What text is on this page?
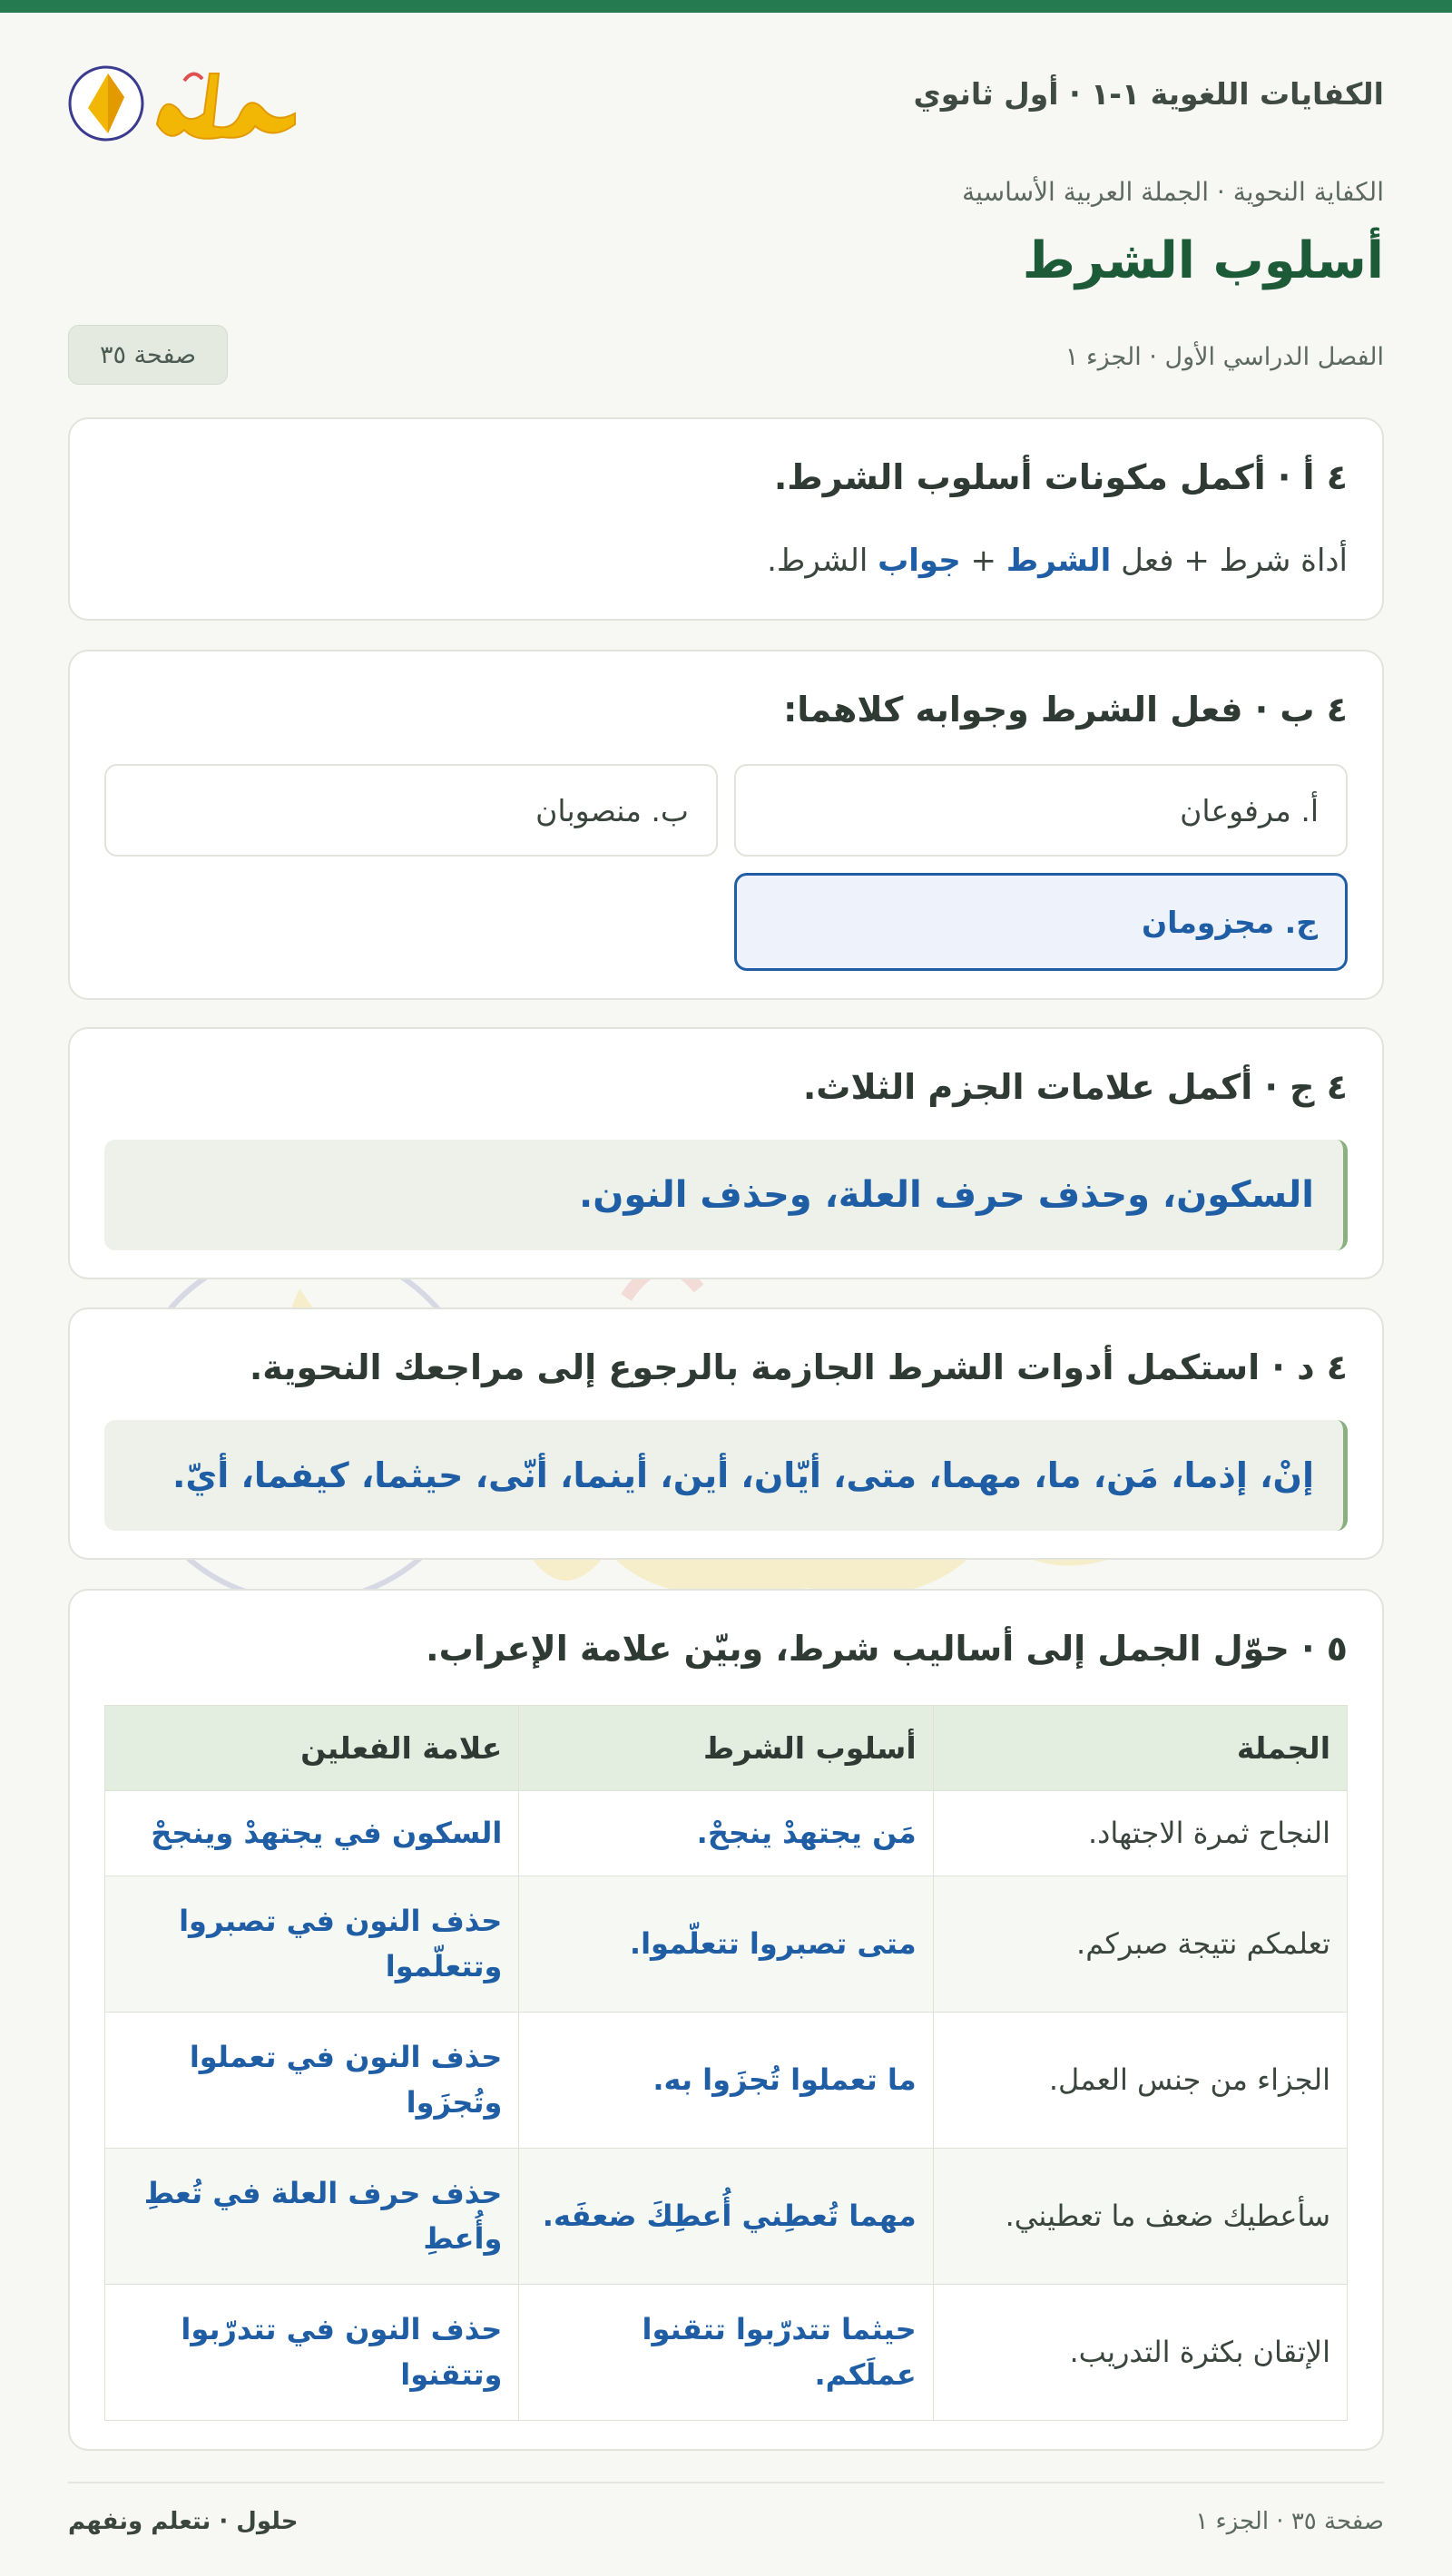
الكفايات اللغوية ١-١ · أول ثانوي
الكفاية النحوية · الجملة العربية الأساسية
أسلوب الشرط
الفصل الدراسي الأول · الجزء ١
صفحة ٣٥
٤ أ · أكمل مكونات أسلوب الشرط.
أداة شرط + فعل الشرط + جواب الشرط.
٤ ب · فعل الشرط وجوابه كلاهما:
أ. مرفوعان
ب. منصوبان
ج. مجزومان
٤ ج · أكمل علامات الجزم الثلاث.
السكون، وحذف حرف العلة، وحذف النون.
٤ د · استكمل أدوات الشرط الجازمة بالرجوع إلى مراجعك النحوية.
إنْ، إذما، مَن، ما، مهما، متى، أيّان، أين، أينما، أنّى، حيثما، كيفما، أيّ.
٥ · حوّل الجمل إلى أساليب شرط، وبيّن علامة الإعراب.
الجملة	أسلوب الشرط	علامة الفعلين
النجاح ثمرة الاجتهاد.	مَن يجتهدْ ينجحْ.	السكون في يجتهدْ وينجحْ
تعلمكم نتيجة صبركم.	متى تصبروا تتعلّموا.	حذف النون في تصبروا وتتعلّموا
الجزاء من جنس العمل.	ما تعملوا تُجزَوا به.	حذف النون في تعملوا وتُجزَوا
سأعطيك ضعف ما تعطيني.	مهما تُعطِني أُعطِكَ ضعفَه.	حذف حرف العلة في تُعطِ وأُعطِ
الإتقان بكثرة التدريب.	حيثما تتدرّبوا تتقنوا عملَكم.	حذف النون في تتدرّبوا وتتقنوا
صفحة ٣٥ · الجزء ١
حلول · نتعلم ونفهم
